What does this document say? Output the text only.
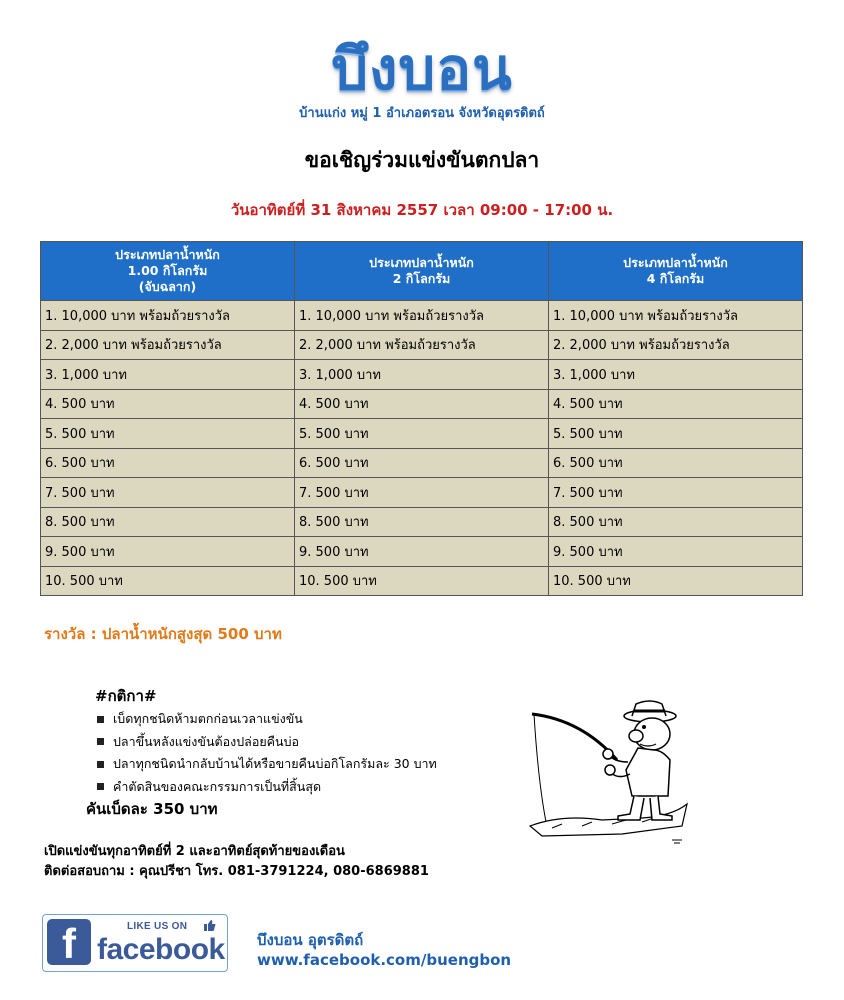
บึงบอน
บ้านแก่ง หมู่ 1 อำเภอตรอน จังหวัดอุตรดิตถ์
ขอเชิญร่วมแข่งขันตกปลา
วันอาทิตย์ที่ 31 สิงหาคม 2557 เวลา 09:00 - 17:00 น.
ประเภทปลาน้ำหนัก
1.00 กิโลกรัม
(จับฉลาก)	ประเภทปลาน้ำหนัก
2 กิโลกรัม	ประเภทปลาน้ำหนัก
4 กิโลกรัม

1. 10,000 บาท พร้อมถ้วยรางวัล	1. 10,000 บาท พร้อมถ้วยรางวัล	1. 10,000 บาท พร้อมถ้วยรางวัล
2. 2,000 บาท พร้อมถ้วยรางวัล	2. 2,000 บาท พร้อมถ้วยรางวัล	2. 2,000 บาท พร้อมถ้วยรางวัล
3. 1,000 บาท	3. 1,000 บาท	3. 1,000 บาท
4. 500 บาท	4. 500 บาท	4. 500 บาท
5. 500 บาท	5. 500 บาท	5. 500 บาท
6. 500 บาท	6. 500 บาท	6. 500 บาท
7. 500 บาท	7. 500 บาท	7. 500 บาท
8. 500 บาท	8. 500 บาท	8. 500 บาท
9. 500 บาท	9. 500 บาท	9. 500 บาท
10. 500 บาท	10. 500 บาท	10. 500 บาท
รางวัล : ปลาน้ำหนักสูงสุด 500 บาท
#กติกา#
เบ็ดทุกชนิดห้ามตกก่อนเวลาแข่งขัน
ปลาขึ้นหลังแข่งขันต้องปล่อยคืนบ่อ
ปลาทุกชนิดนำกลับบ้านได้หรือขายคืนบ่อกิโลกรัมละ 30 บาท
คำตัดสินของคณะกรรมการเป็นที่สิ้นสุด
คันเบ็ดละ 350 บาท
เปิดแข่งขันทุกอาทิตย์ที่ 2 และอาทิตย์สุดท้ายของเดือน
ติดต่อสอบถาม : คุณปรีชา โทร. 081-3791224, 080-6869881
f	LIKE US ON
facebook บึงบอน อุตรดิตถ์
www.facebook.com/buengbon
